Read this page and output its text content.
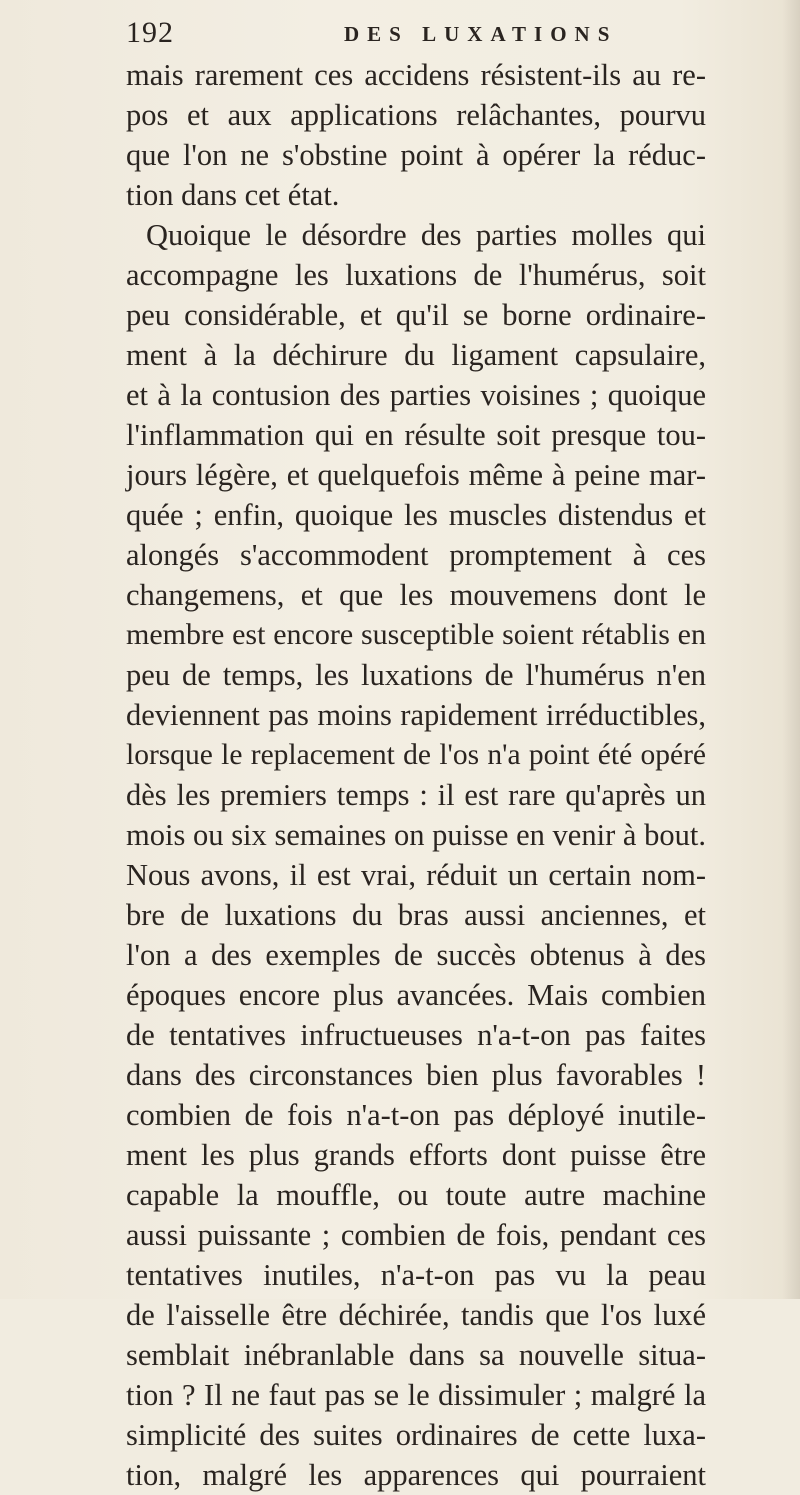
192	DES LUXATIONS
mais rarement ces accidens résistent-ils au re-
pos et aux applications relâchantes, pourvu
que l'on ne s'obstine point à opérer la réduc-
tion dans cet état.
Quoique le désordre des parties molles qui
accompagne les luxations de l'humérus, soit
peu considérable, et qu'il se borne ordinaire-
ment à la déchirure du ligament capsulaire,
et à la contusion des parties voisines ; quoique
l'inflammation qui en résulte soit presque tou-
jours légère, et quelquefois même à peine mar-
quée ; enfin, quoique les muscles distendus et
alongés s'accommodent promptement à ces
changemens, et que les mouvemens dont le
membre est encore susceptible soient rétablis en
peu de temps, les luxations de l'humérus n'en
deviennent pas moins rapidement irréductibles,
lorsque le replacement de l'os n'a point été opéré
dès les premiers temps : il est rare qu'après un
mois ou six semaines on puisse en venir à bout.
Nous avons, il est vrai, réduit un certain nom-
bre de luxations du bras aussi anciennes, et
l'on a des exemples de succès obtenus à des
époques encore plus avancées. Mais combien
de tentatives infructueuses n'a-t-on pas faites
dans des circonstances bien plus favorables !
combien de fois n'a-t-on pas déployé inutile-
ment les plus grands efforts dont puisse être
capable la mouffle, ou toute autre machine
aussi puissante ; combien de fois, pendant ces
tentatives inutiles, n'a-t-on pas vu la peau
de l'aisselle être déchirée, tandis que l'os luxé
semblait inébranlable dans sa nouvelle situa-
tion ? Il ne faut pas se le dissimuler ; malgré la
simplicité des suites ordinaires de cette luxa-
tion, malgré les apparences qui pourraient
